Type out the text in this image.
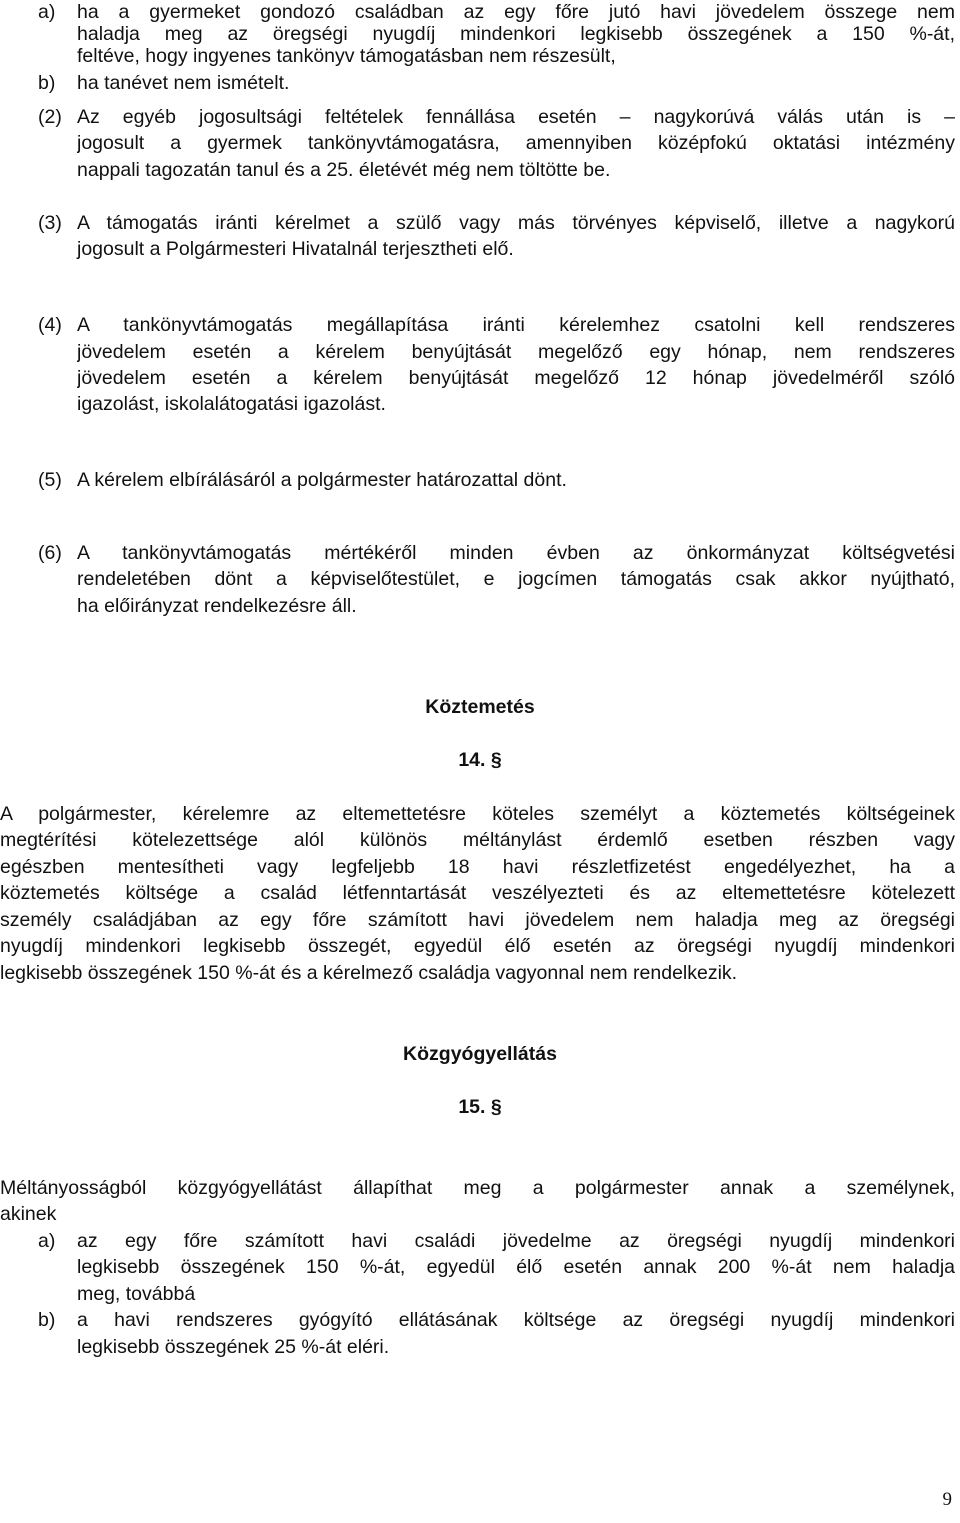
a) ha a gyermeket gondozó családban az egy főre jutó havi jövedelem összege nem
haladja meg az öregségi nyugdíj mindenkori legkisebb összegének a 150 %-át,
feltéve, hogy ingyenes tankönyv támogatásban nem részesült,
b) ha tanévet nem ismételt.
(2) Az egyéb jogosultsági feltételek fennállása esetén – nagykorúvá válás után is –
jogosult a gyermek tankönyvtámogatásra, amennyiben középfokú oktatási intézmény
nappali tagozatán tanul és a 25. életévét még nem töltötte be.
(3) A támogatás iránti kérelmet a szülő vagy más törvényes képviselő, illetve a nagykorú
jogosult a Polgármesteri Hivatalnál terjesztheti elő.
(4) A tankönyvtámogatás megállapítása iránti kérelemhez csatolni kell rendszeres
jövedelem esetén a kérelem benyújtását megelőző egy hónap, nem rendszeres
jövedelem esetén a kérelem benyújtását megelőző 12 hónap jövedelméről szóló
igazolást, iskolalátogatási igazolást.
(5) A kérelem elbírálásáról a polgármester határozattal dönt.
(6) A tankönyvtámogatás mértékéről minden évben az önkormányzat költségvetési
rendeletében dönt a képviselőtestület, e jogcímen támogatás csak akkor nyújtható,
ha előirányzat rendelkezésre áll.
Köztemetés
14. §
A polgármester, kérelemre az eltemettetésre köteles személyt a köztemetés költségeinek
megtérítési kötelezettsége alól különös méltánylást érdemlő esetben részben vagy
egészben mentesítheti vagy legfeljebb 18 havi részletfizetést engedélyezhet, ha a
köztemetés költsége a család létfenntartását veszélyezteti és az eltemettetésre kötelezett
személy családjában az egy főre számított havi jövedelem nem haladja meg az öregségi
nyugdíj mindenkori legkisebb összegét, egyedül élő esetén az öregségi nyugdíj mindenkori
legkisebb összegének 150 %-át és a kérelmező családja vagyonnal nem rendelkezik.
Közgyógyellátás
15. §
Méltányosságból közgyógyellátást állapíthat meg a polgármester annak a személynek,
akinek
a) az egy főre számított havi családi jövedelme az öregségi nyugdíj mindenkori
legkisebb összegének 150 %-át, egyedül élő esetén annak 200 %-át nem haladja
meg, továbbá
b) a havi rendszeres gyógyító ellátásának költsége az öregségi nyugdíj mindenkori
legkisebb összegének 25 %-át eléri.
9
